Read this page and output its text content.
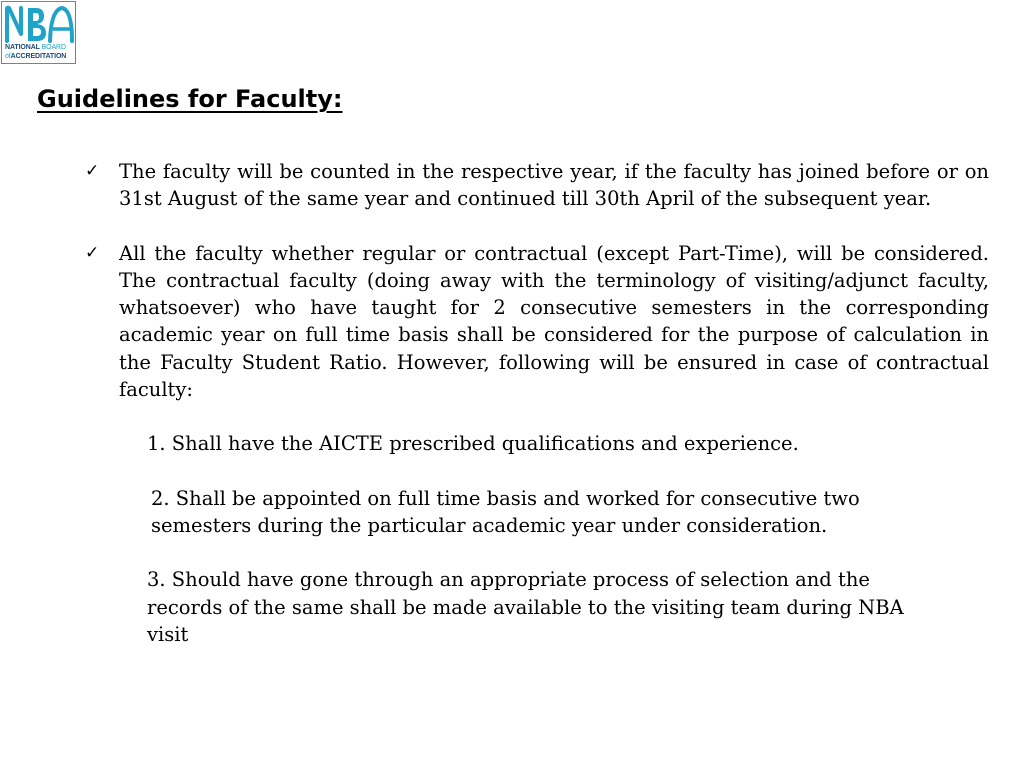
NATIONAL BOARD
ofACCREDITATION
Guidelines for Faculty:

✓ The faculty will be counted in the respective year, if the faculty has joined before or on 31st August of the same year and continued till 30th April of the subsequent year.

✓ All the faculty whether regular or contractual (except Part-Time), will be considered. The contractual faculty (doing away with the terminology of visiting/adjunct faculty, whatsoever) who have taught for 2 consecutive semesters in the corresponding academic year on full time basis shall be considered for the purpose of calculation in the Faculty Student Ratio. However, following will be ensured in case of contractual faculty:

1. Shall have the AICTE prescribed qualifications and experience.

2. Shall be appointed on full time basis and worked for consecutive two semesters during the particular academic year under consideration.

3. Should have gone through an appropriate process of selection and the records of the same shall be made available to the visiting team during NBA visit
